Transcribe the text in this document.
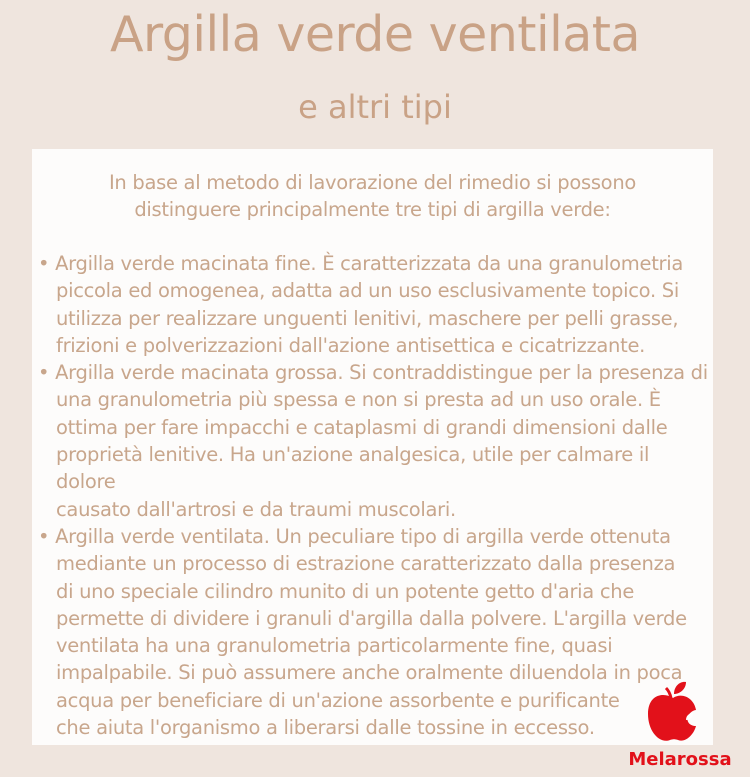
Argilla verde ventilata
e altri tipi
In base al metodo di lavorazione del rimedio si possono
distinguere principalmente tre tipi di argilla verde:
• Argilla verde macinata fine. È caratterizzata da una granulometria
piccola ed omogenea, adatta ad un uso esclusivamente topico. Si
utilizza per realizzare unguenti lenitivi, maschere per pelli grasse,
frizioni e polverizzazioni dall'azione antisettica e cicatrizzante.
• Argilla verde macinata grossa. Si contraddistingue per la presenza di
una granulometria più spessa e non si presta ad un uso orale. È
ottima per fare impacchi e cataplasmi di grandi dimensioni dalle
proprietà lenitive. Ha un'azione analgesica, utile per calmare il dolore
causato dall'artrosi e da traumi muscolari.
• Argilla verde ventilata. Un peculiare tipo di argilla verde ottenuta
mediante un processo di estrazione caratterizzato dalla presenza
di uno speciale cilindro munito di un potente getto d'aria che
permette di dividere i granuli d'argilla dalla polvere. L'argilla verde
ventilata ha una granulometria particolarmente fine, quasi
impalpabile. Si può assumere anche oralmente diluendola in poca
acqua per beneficiare di un'azione assorbente e purificante
che aiuta l'organismo a liberarsi dalle tossine in eccesso.
Melarossa
